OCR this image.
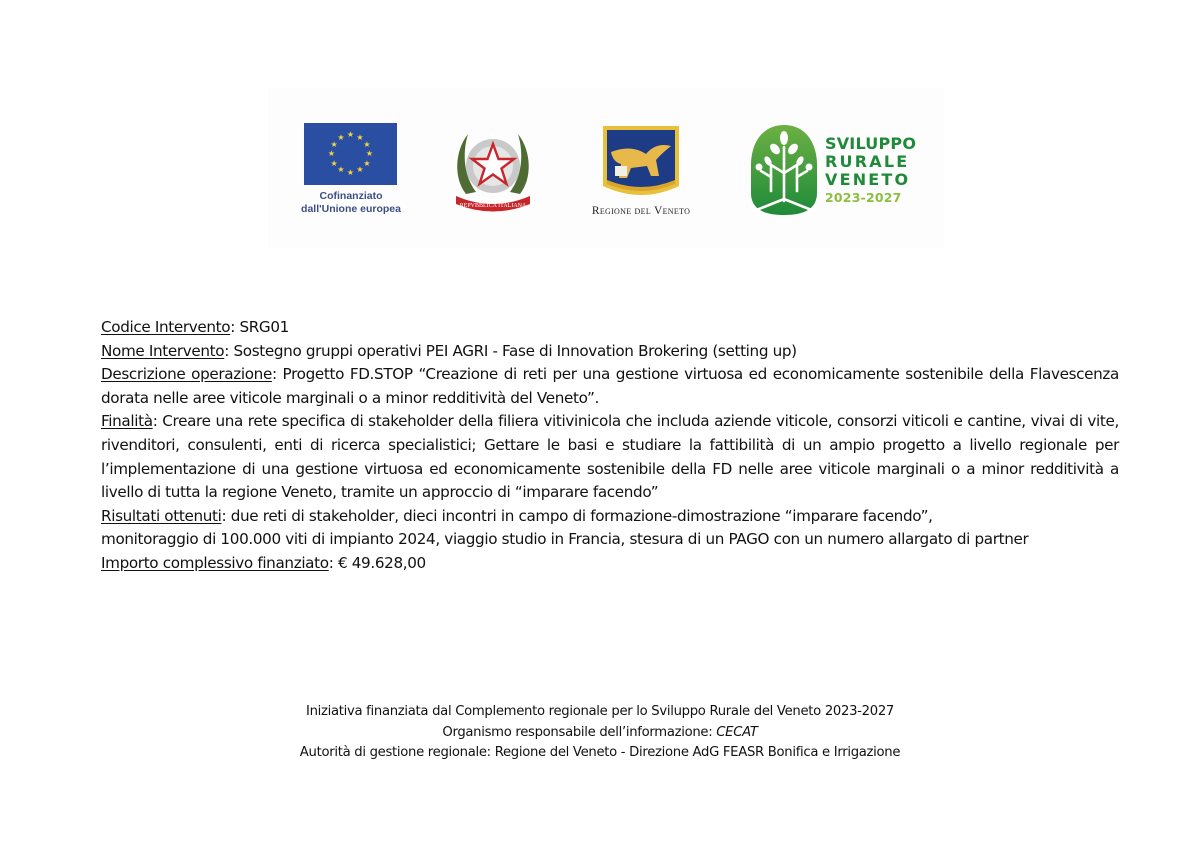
★ ★
★
★
★
★
★
★
★
★
★
★
Cofinanziato
dall'Unione europea	REPVBBLICA ITALIANA	Regione del Veneto
SVILUPPO
RURALE
VENETO
2023-2027

Codice Intervento: SRG01

Nome Intervento: Sostegno gruppi operativi PEI AGRI - Fase di Innovation Brokering (setting up)

Descrizione operazione: Progetto FD.STOP “Creazione di reti per una gestione virtuosa ed economicamente sostenibile della Flavescenza dorata nelle aree viticole marginali o a minor redditività del Veneto”.

Finalità: Creare una rete specifica di stakeholder della filiera vitivinicola che includa aziende viticole, consorzi viticoli e cantine, vivai di vite, rivenditori, consulenti, enti di ricerca specialistici; Gettare le basi e studiare la fattibilità di un ampio progetto a livello regionale per l’implementazione di una gestione virtuosa ed economicamente sostenibile della FD nelle aree viticole marginali o a minor redditività a livello di tutta la regione Veneto, tramite un approccio di “imparare facendo”

Risultati ottenuti: due reti di stakeholder, dieci incontri in campo di formazione-dimostrazione “imparare facendo”,
monitoraggio di 100.000 viti di impianto 2024, viaggio studio in Francia, stesura di un PAGO con un numero allargato di partner

Importo complessivo finanziato: € 49.628,00

Iniziativa finanziata dal Complemento regionale per lo Sviluppo Rurale del Veneto 2023-2027
Organismo responsabile dell’informazione: CECAT
Autorità di gestione regionale: Regione del Veneto - Direzione AdG FEASR Bonifica e Irrigazione
